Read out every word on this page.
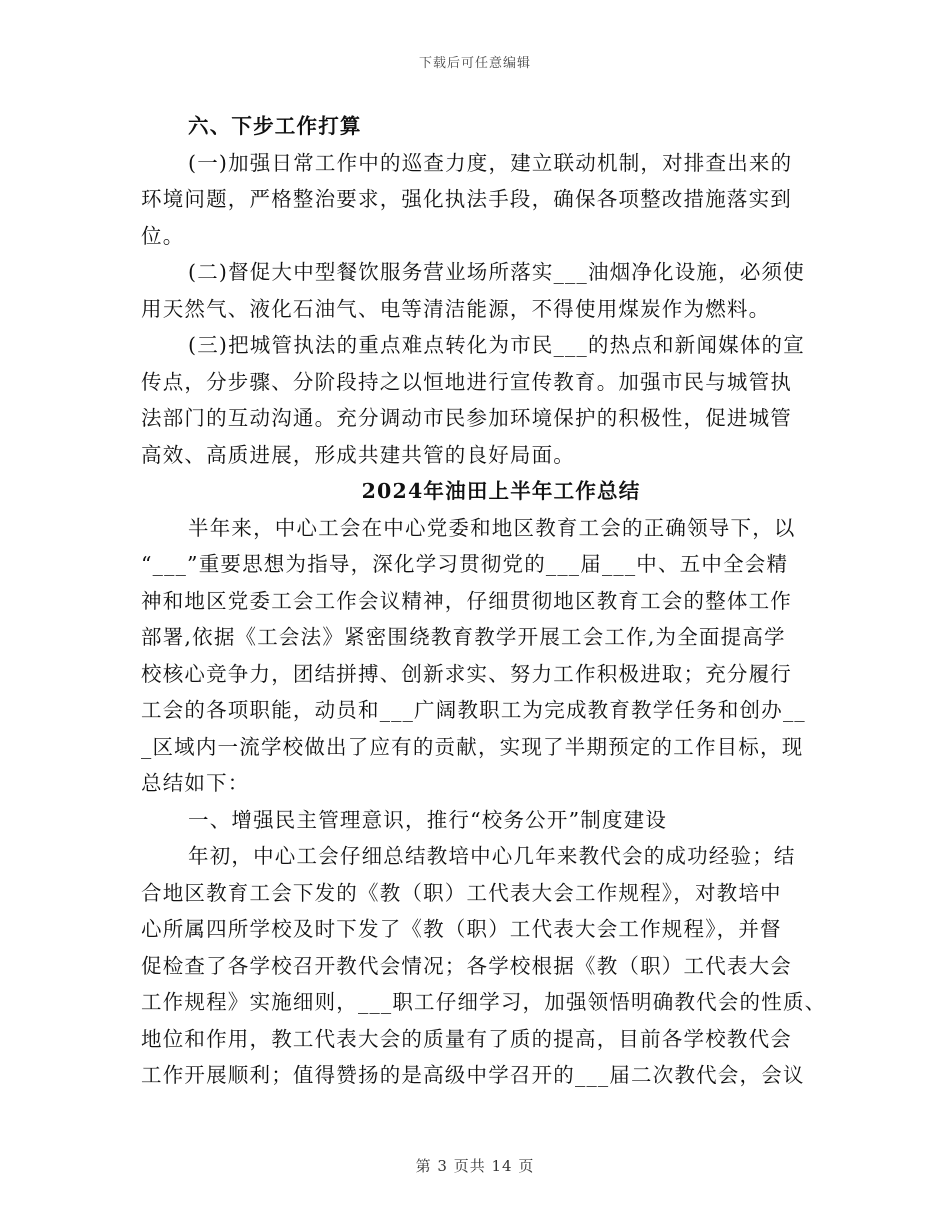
下载后可任意编辑
六、下步工作打算
(一)加强日常工作中的巡查力度，建立联动机制，对排查出来的
环境问题，严格整治要求，强化执法手段，确保各项整改措施落实到
位。
(二)督促大中型餐饮服务营业场所落实___油烟净化设施，必须使
用天然气、液化石油气、电等清洁能源，不得使用煤炭作为燃料。
(三)把城管执法的重点难点转化为市民___的热点和新闻媒体的宣
传点，分步骤、分阶段持之以恒地进行宣传教育。加强市民与城管执
法部门的互动沟通。充分调动市民参加环境保护的积极性，促进城管
高效、高质进展，形成共建共管的良好局面。
2024年油田上半年工作总结
半年来，中心工会在中心党委和地区教育工会的正确领导下，以
“___”重要思想为指导，深化学习贯彻党的___届___中、五中全会精
神和地区党委工会工作会议精神，仔细贯彻地区教育工会的整体工作
部署,依据《工会法》紧密围绕教育教学开展工会工作,为全面提高学
校核心竞争力，团结拼搏、创新求实、努力工作积极进取；充分履行
工会的各项职能，动员和___广阔教职工为完成教育教学任务和创办__
_区域内一流学校做出了应有的贡献，实现了半期预定的工作目标，现
总结如下：
一、增强民主管理意识，推行“校务公开”制度建设
年初，中心工会仔细总结教培中心几年来教代会的成功经验；结
合地区教育工会下发的《教（职）工代表大会工作规程》，对教培中
心所属四所学校及时下发了《教（职）工代表大会工作规程》，并督
促检查了各学校召开教代会情况；各学校根据《教（职）工代表大会
工作规程》实施细则，___职工仔细学习，加强领悟明确教代会的性质、
地位和作用，教工代表大会的质量有了质的提高，目前各学校教代会
工作开展顺利；值得赞扬的是高级中学召开的___届二次教代会，会议
第 3 页共 14 页
